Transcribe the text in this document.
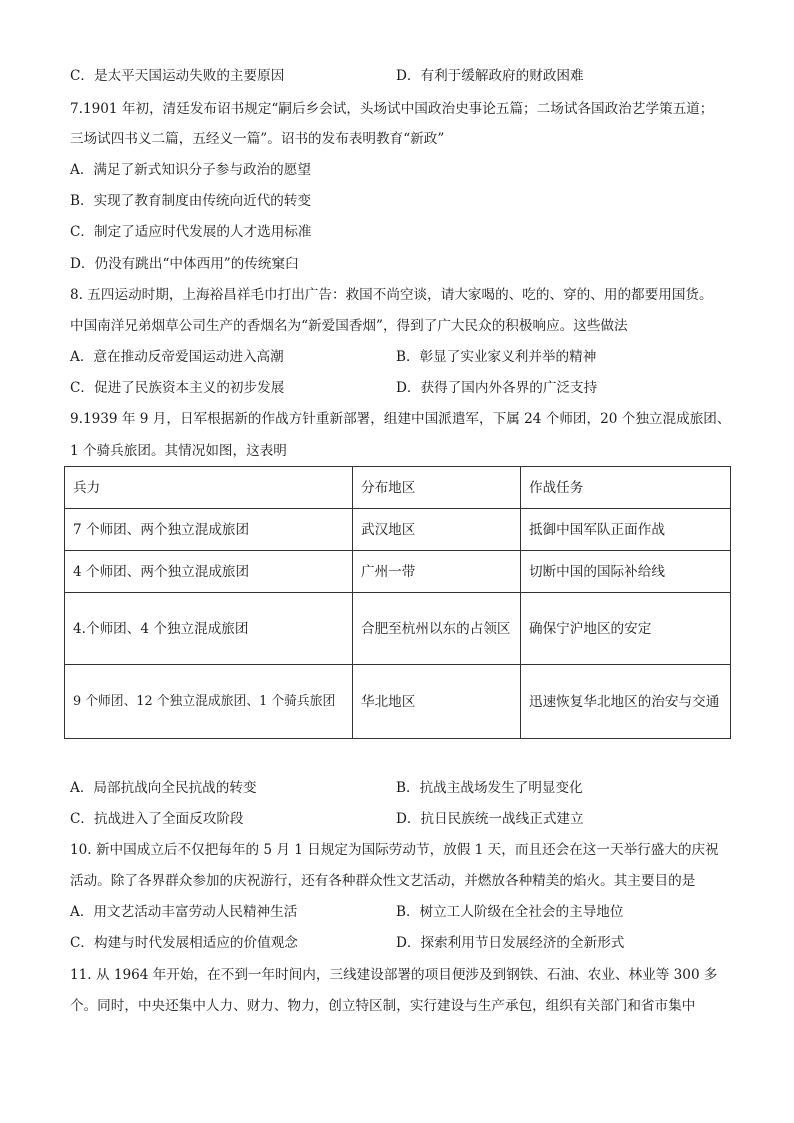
C．是太平天国运动失败的主要原因	D．有利于缓解政府的财政困难
7.1901 年初，清廷发布诏书规定“嗣后乡会试，头场试中国政治史事论五篇；二场试各国政治艺学策五道；
三场试四书义二篇，五经义一篇”。诏书的发布表明教育“新政”
A．满足了新式知识分子参与政治的愿望
B．实现了教育制度由传统向近代的转变
C．制定了适应时代发展的人才选用标准
D．仍没有跳出“中体西用”的传统窠臼
8. 五四运动时期，上海裕昌祥毛巾打出广告：救国不尚空谈，请大家喝的、吃的、穿的、用的都要用国货。
中国南洋兄弟烟草公司生产的香烟名为“新爱国香烟”，得到了广大民众的积极响应。这些做法
A．意在推动反帝爱国运动进入高潮	B．彰显了实业家义利并举的精神
C．促进了民族资本主义的初步发展	D．获得了国内外各界的广泛支持
9.1939 年 9 月，日军根据新的作战方针重新部署，组建中国派遣军，下属 24 个师团，20 个独立混成旅团、
1 个骑兵旅团。其情况如图，这表明
兵力	分布地区	作战任务
7 个师团、两个独立混成旅团	武汉地区	抵御中国军队正面作战
4 个师团、两个独立混成旅团	广州一带	切断中国的国际补给线
4.个师团、4 个独立混成旅团	合肥至杭州以东的占领区	确保宁沪地区的安定
9 个师团、12 个独立混成旅团、1 个骑兵旅团	华北地区	迅速恢复华北地区的治安与交通
A．局部抗战向全民抗战的转变	B．抗战主战场发生了明显变化
C．抗战进入了全面反攻阶段	D．抗日民族统一战线正式建立
10. 新中国成立后不仅把每年的 5 月 1 日规定为国际劳动节，放假 1 天，而且还会在这一天举行盛大的庆祝
活动。除了各界群众参加的庆祝游行，还有各种群众性文艺活动，并燃放各种精美的焰火。其主要目的是
A．用文艺活动丰富劳动人民精神生活	B．树立工人阶级在全社会的主导地位
C．构建与时代发展相适应的价值观念	D．探索利用节日发展经济的全新形式
11. 从 1964 年开始，在不到一年时间内，三线建设部署的项目便涉及到钢铁、石油、农业、林业等 300 多
个。同时，中央还集中人力、财力、物力，创立特区制，实行建设与生产承包，组织有关部门和省市集中
